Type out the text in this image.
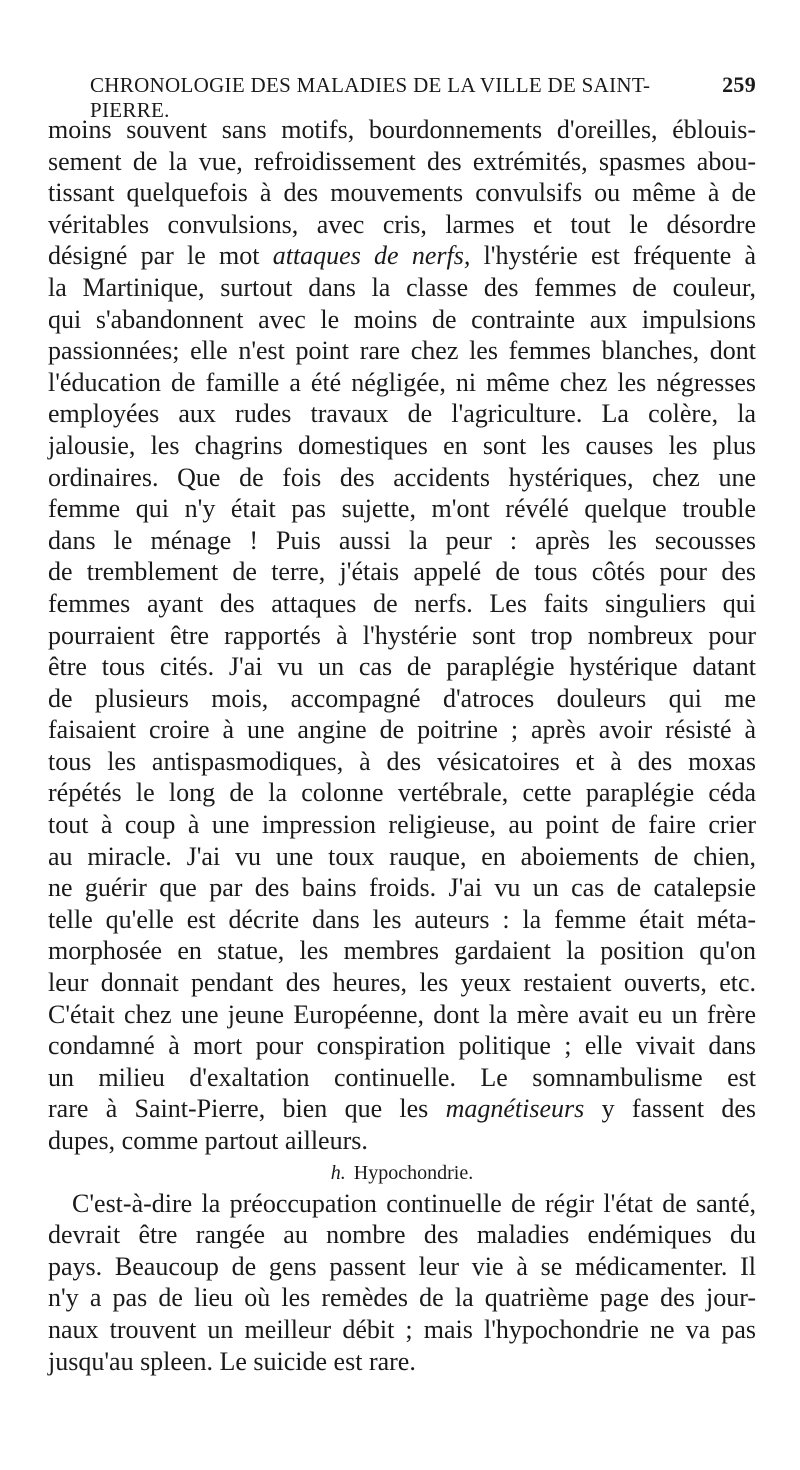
CHRONOLOGIE DES MALADIES DE LA VILLE DE SAINT-PIERRE.
259
moins souvent sans motifs, bourdonnements d'oreilles, éblouis-
sement de la vue, refroidissement des extrémités, spasmes abou-
tissant quelquefois à des mouvements convulsifs ou même à de
véritables convulsions, avec cris, larmes et tout le désordre
désigné par le mot attaques de nerfs, l'hystérie est fréquente à
la Martinique, surtout dans la classe des femmes de couleur,
qui s'abandonnent avec le moins de contrainte aux impulsions
passionnées; elle n'est point rare chez les femmes blanches, dont
l'éducation de famille a été négligée, ni même chez les négresses
employées aux rudes travaux de l'agriculture. La colère, la
jalousie, les chagrins domestiques en sont les causes les plus
ordinaires. Que de fois des accidents hystériques, chez une
femme qui n'y était pas sujette, m'ont révélé quelque trouble
dans le ménage ! Puis aussi la peur : après les secousses
de tremblement de terre, j'étais appelé de tous côtés pour des
femmes ayant des attaques de nerfs. Les faits singuliers qui
pourraient être rapportés à l'hystérie sont trop nombreux pour
être tous cités. J'ai vu un cas de paraplégie hystérique datant
de plusieurs mois, accompagné d'atroces douleurs qui me
faisaient croire à une angine de poitrine ; après avoir résisté à
tous les antispasmodiques, à des vésicatoires et à des moxas
répétés le long de la colonne vertébrale, cette paraplégie céda
tout à coup à une impression religieuse, au point de faire crier
au miracle. J'ai vu une toux rauque, en aboiements de chien,
ne guérir que par des bains froids. J'ai vu un cas de catalepsie
telle qu'elle est décrite dans les auteurs : la femme était méta-
morphosée en statue, les membres gardaient la position qu'on
leur donnait pendant des heures, les yeux restaient ouverts, etc.
C'était chez une jeune Européenne, dont la mère avait eu un frère
condamné à mort pour conspiration politique ; elle vivait dans
un milieu d'exaltation continuelle. Le somnambulisme est
rare à Saint-Pierre, bien que les magnétiseurs y fassent des
dupes, comme partout ailleurs.
h. Hypochondrie.
C'est-à-dire la préoccupation continuelle de régir l'état de santé,
devrait être rangée au nombre des maladies endémiques du
pays. Beaucoup de gens passent leur vie à se médicamenter. Il
n'y a pas de lieu où les remèdes de la quatrième page des jour-
naux trouvent un meilleur débit ; mais l'hypochondrie ne va pas
jusqu'au spleen. Le suicide est rare.
